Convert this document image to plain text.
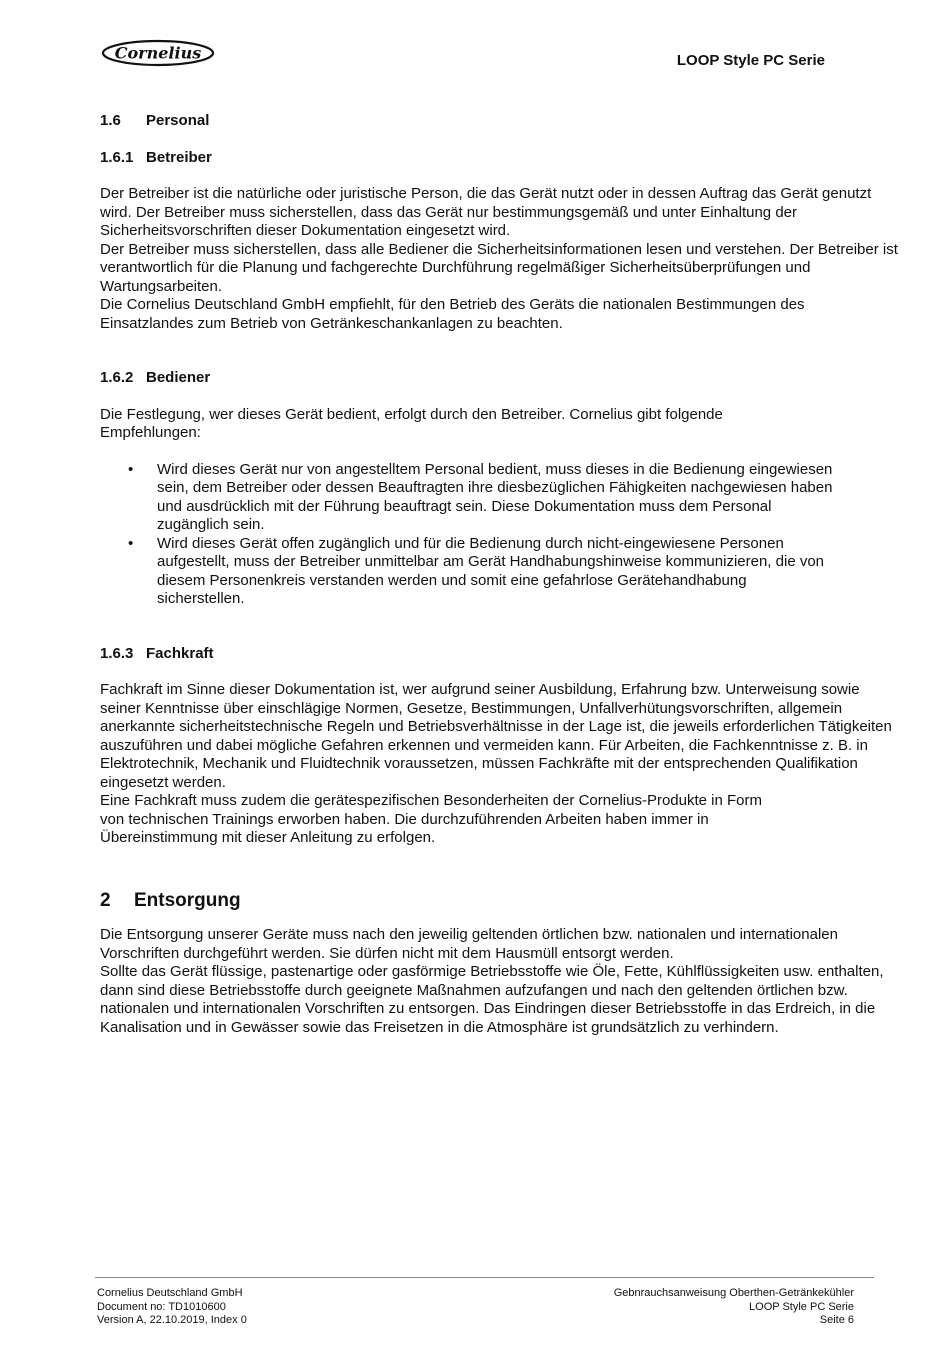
Cornelius	LOOP Style PC Serie
1.6 Personal
1.6.1 Betreiber

Der Betreiber ist die natürliche oder juristische Person, die das Gerät nutzt oder in dessen Auftrag das Gerät genutzt wird. Der Betreiber muss sicherstellen, dass das Gerät nur bestimmungsgemäß und unter Einhaltung der Sicherheitsvorschriften dieser Dokumentation eingesetzt wird.

Der Betreiber muss sicherstellen, dass alle Bediener die Sicherheitsinformationen lesen und verstehen. Der Betreiber ist verantwortlich für die Planung und fachgerechte Durchführung regelmäßiger Sicherheitsüberprüfungen und Wartungsarbeiten.

Die Cornelius Deutschland GmbH empfiehlt, für den Betrieb des Geräts die nationalen Bestimmungen des Einsatzlandes zum Betrieb von Getränkeschankanlagen zu beachten.

1.6.2 Bediener

Die Festlegung, wer dieses Gerät bedient, erfolgt durch den Betreiber. Cornelius gibt folgende Empfehlungen:

• Wird dieses Gerät nur von angestelltem Personal bedient, muss dieses in die Bedienung eingewiesen sein, dem Betreiber oder dessen Beauftragten ihre diesbezüglichen Fähigkeiten nachgewiesen haben und ausdrücklich mit der Führung beauftragt sein. Diese Dokumentation muss dem Personal zugänglich sein.
• Wird dieses Gerät offen zugänglich und für die Bedienung durch nicht-eingewiesene Personen aufgestellt, muss der Betreiber unmittelbar am Gerät Handhabungshinweise kommunizieren, die von diesem Personenkreis verstanden werden und somit eine gefahrlose Gerätehandhabung sicherstellen.
1.6.3 Fachkraft

Fachkraft im Sinne dieser Dokumentation ist, wer aufgrund seiner Ausbildung, Erfahrung bzw. Unterweisung sowie seiner Kenntnisse über einschlägige Normen, Gesetze, Bestimmungen, Unfallverhütungsvorschriften, allgemein anerkannte sicherheitstechnische Regeln und Betriebsverhältnisse in der Lage ist, die jeweils erforderlichen Tätigkeiten auszuführen und dabei mögliche Gefahren erkennen und vermeiden kann. Für Arbeiten, die Fachkenntnisse z. B. in Elektrotechnik, Mechanik und Fluidtechnik voraussetzen, müssen Fachkräfte mit der entsprechenden Qualifikation eingesetzt werden.

Eine Fachkraft muss zudem die gerätespezifischen Besonderheiten der Cornelius-Produkte in Form von technischen Trainings erworben haben. Die durchzuführenden Arbeiten haben immer in Übereinstimmung mit dieser Anleitung zu erfolgen.

2 Entsorgung

Die Entsorgung unserer Geräte muss nach den jeweilig geltenden örtlichen bzw. nationalen und internationalen Vorschriften durchgeführt werden. Sie dürfen nicht mit dem Hausmüll entsorgt werden.

Sollte das Gerät flüssige, pastenartige oder gasförmige Betriebsstoffe wie Öle, Fette, Kühlflüssigkeiten usw. enthalten, dann sind diese Betriebsstoffe durch geeignete Maßnahmen aufzufangen und nach den geltenden örtlichen bzw. nationalen und internationalen Vorschriften zu entsorgen. Das Eindringen dieser Betriebsstoffe in das Erdreich, in die Kanalisation und in Gewässer sowie das Freisetzen in die Atmosphäre ist grundsätzlich zu verhindern.

Cornelius Deutschland GmbH
Document no: TD1010600
Version A, 22.10.2019, Index 0
Gebnrauchsanweisung Oberthen-Getränkekühler
LOOP Style PC Serie
Seite 6
